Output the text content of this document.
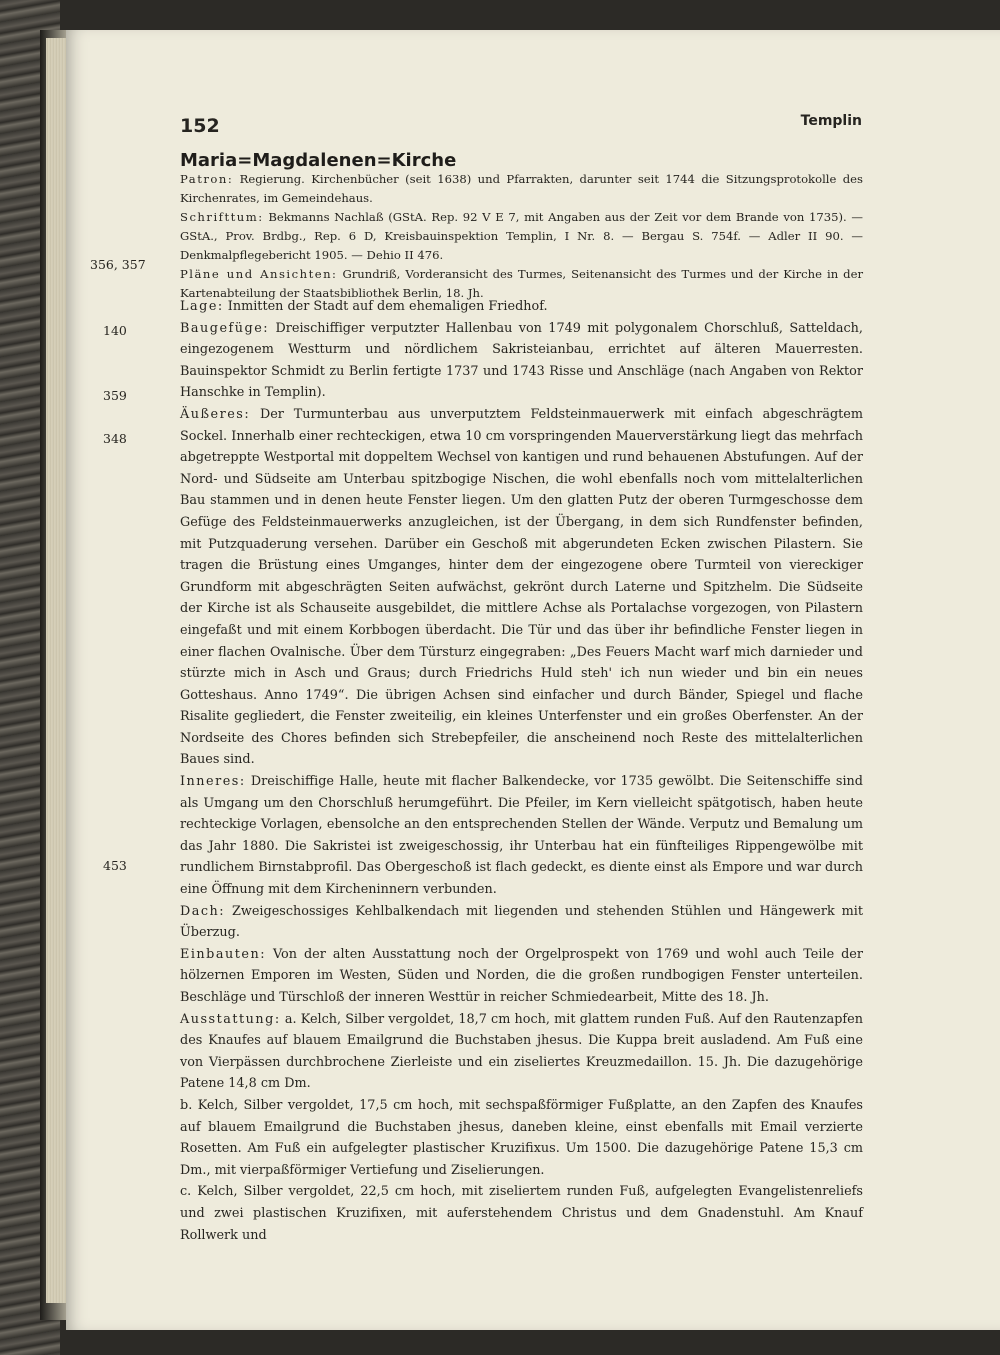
152	Templin
Maria=Magdalenen=Kirche

Patron: Regierung. Kirchenbücher (seit 1638) und Pfarrakten, darunter seit 1744 die Sitzungsprotokolle des Kirchenrates, im Gemeindehaus.

Schrifttum: Bekmanns Nachlaß (GStA. Rep. 92 V E 7, mit Angaben aus der Zeit vor dem Brande von 1735). — GStA., Prov. Brdbg., Rep. 6 D, Kreisbauinspektion Templin, I Nr. 8. — Bergau S. 754f. — Adler II 90. — Denkmalpflegebericht 1905. — Dehio II 476.

Pläne und Ansichten: Grundriß, Vorderansicht des Turmes, Seitenansicht des Turmes und der Kirche in der Kartenabteilung der Staatsbibliothek Berlin, 18. Jh.

356, 357

Lage: Inmitten der Stadt auf dem ehemaligen Friedhof.

Baugefüge: Dreischiffiger verputzter Hallenbau von 1749 mit polygonalem Chorschluß, Satteldach, eingezogenem Westturm und nördlichem Sakristeianbau, errichtet auf älteren Mauerresten. Bauinspektor Schmidt zu Berlin fertigte 1737 und 1743 Risse und Anschläge (nach Angaben von Rektor Hanschke in Templin).

Äußeres: Der Turmunterbau aus unverputztem Feldsteinmauerwerk mit einfach abgeschrägtem Sockel. Innerhalb einer rechteckigen, etwa 10 cm vorspringenden Mauerverstärkung liegt das mehrfach abgetreppte Westportal mit doppeltem Wechsel von kantigen und rund behauenen Abstufungen. Auf der Nord- und Südseite am Unterbau spitzbogige Nischen, die wohl ebenfalls noch vom mittelalterlichen Bau stammen und in denen heute Fenster liegen. Um den glatten Putz der oberen Turmgeschosse dem Gefüge des Feldsteinmauerwerks anzugleichen, ist der Übergang, in dem sich Rundfenster befinden, mit Putzquaderung versehen. Darüber ein Geschoß mit abgerundeten Ecken zwischen Pilastern. Sie tragen die Brüstung eines Umganges, hinter dem der eingezogene obere Turmteil von viereckiger Grundform mit abgeschrägten Seiten aufwächst, gekrönt durch Laterne und Spitzhelm. Die Südseite der Kirche ist als Schauseite ausgebildet, die mittlere Achse als Portalachse vorgezogen, von Pilastern eingefaßt und mit einem Korbbogen überdacht. Die Tür und das über ihr befindliche Fenster liegen in einer flachen Ovalnische. Über dem Türsturz eingegraben: „Des Feuers Macht warf mich darnieder und stürzte mich in Asch und Graus; durch Friedrichs Huld steh' ich nun wieder und bin ein neues Gotteshaus. Anno 1749“. Die übrigen Achsen sind einfacher und durch Bänder, Spiegel und flache Risalite gegliedert, die Fenster zweiteilig, ein kleines Unterfenster und ein großes Oberfenster. An der Nordseite des Chores befinden sich Strebepfeiler, die anscheinend noch Reste des mittelalterlichen Baues sind.

Inneres: Dreischiffige Halle, heute mit flacher Balkendecke, vor 1735 gewölbt. Die Seitenschiffe sind als Umgang um den Chorschluß herumgeführt. Die Pfeiler, im Kern vielleicht spätgotisch, haben heute rechteckige Vorlagen, ebensolche an den entsprechenden Stellen der Wände. Verputz und Bemalung um das Jahr 1880. Die Sakristei ist zweigeschossig, ihr Unterbau hat ein fünfteiliges Rippengewölbe mit rundlichem Birnstabprofil. Das Obergeschoß ist flach gedeckt, es diente einst als Empore und war durch eine Öffnung mit dem Kircheninnern verbunden.

Dach: Zweigeschossiges Kehlbalkendach mit liegenden und stehenden Stühlen und Hängewerk mit Überzug.

Einbauten: Von der alten Ausstattung noch der Orgelprospekt von 1769 und wohl auch Teile der hölzernen Emporen im Westen, Süden und Norden, die die großen rundbogigen Fenster unterteilen. Beschläge und Türschloß der inneren Westtür in reicher Schmiedearbeit, Mitte des 18. Jh.

Ausstattung: a. Kelch, Silber vergoldet, 18,7 cm hoch, mit glattem runden Fuß. Auf den Rautenzapfen des Knaufes auf blauem Emailgrund die Buchstaben jhesus. Die Kuppa breit ausladend. Am Fuß eine von Vierpässen durchbrochene Zierleiste und ein ziseliertes Kreuzmedaillon. 15. Jh. Die dazugehörige Patene 14,8 cm Dm.

b. Kelch, Silber vergoldet, 17,5 cm hoch, mit sechspaßförmiger Fußplatte, an den Zapfen des Knaufes auf blauem Emailgrund die Buchstaben jhesus, daneben kleine, einst ebenfalls mit Email verzierte Rosetten. Am Fuß ein aufgelegter plastischer Kruzifixus. Um 1500. Die dazugehörige Patene 15,3 cm Dm., mit vierpaßförmiger Vertiefung und Ziselierungen.

c. Kelch, Silber vergoldet, 22,5 cm hoch, mit ziseliertem runden Fuß, aufgelegten Evangelistenreliefs und zwei plastischen Kruzifixen, mit auferstehendem Christus und dem Gnadenstuhl. Am Knauf Rollwerk und

140
359
348
453
